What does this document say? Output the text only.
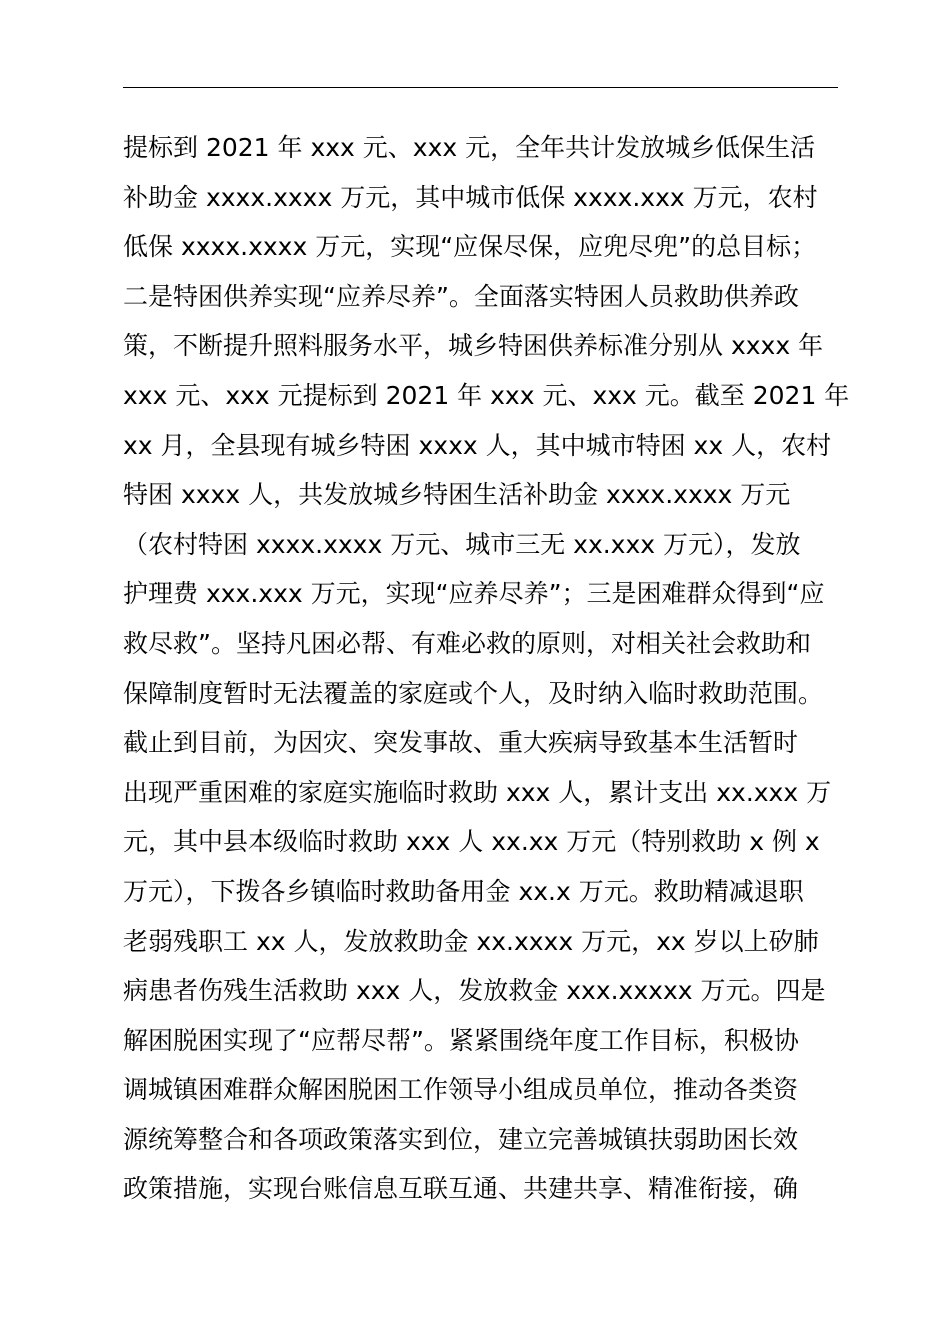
提标到 2021 年 xxx 元、xxx 元，全年共计发放城乡低保生活
补助金 xxxx.xxxx 万元，其中城市低保 xxxx.xxx 万元，农村
低保 xxxx.xxxx 万元，实现“应保尽保，应兜尽兜”的总目标；
二是特困供养实现“应养尽养”。全面落实特困人员救助供养政
策，不断提升照料服务水平，城乡特困供养标准分别从 xxxx 年
xxx 元、xxx 元提标到 2021 年 xxx 元、xxx 元。截至 2021 年
xx 月，全县现有城乡特困 xxxx 人，其中城市特困 xx 人，农村
特困 xxxx 人，共发放城乡特困生活补助金 xxxx.xxxx 万元
（农村特困 xxxx.xxxx 万元、城市三无 xx.xxx 万元），发放
护理费 xxx.xxx 万元，实现“应养尽养”；三是困难群众得到“应
救尽救”。坚持凡困必帮、有难必救的原则，对相关社会救助和
保障制度暂时无法覆盖的家庭或个人，及时纳入临时救助范围。
截止到目前，为因灾、突发事故、重大疾病导致基本生活暂时
出现严重困难的家庭实施临时救助 xxx 人，累计支出 xx.xxx 万
元，其中县本级临时救助 xxx 人 xx.xx 万元（特别救助 x 例 x
万元），下拨各乡镇临时救助备用金 xx.x 万元。救助精减退职
老弱残职工 xx 人，发放救助金 xx.xxxx 万元，xx 岁以上矽肺
病患者伤残生活救助 xxx 人，发放救金 xxx.xxxxx 万元。四是
解困脱困实现了“应帮尽帮”。紧紧围绕年度工作目标，积极协
调城镇困难群众解困脱困工作领导小组成员单位，推动各类资
源统筹整合和各项政策落实到位，建立完善城镇扶弱助困长效
政策措施，实现台账信息互联互通、共建共享、精准衔接，确
